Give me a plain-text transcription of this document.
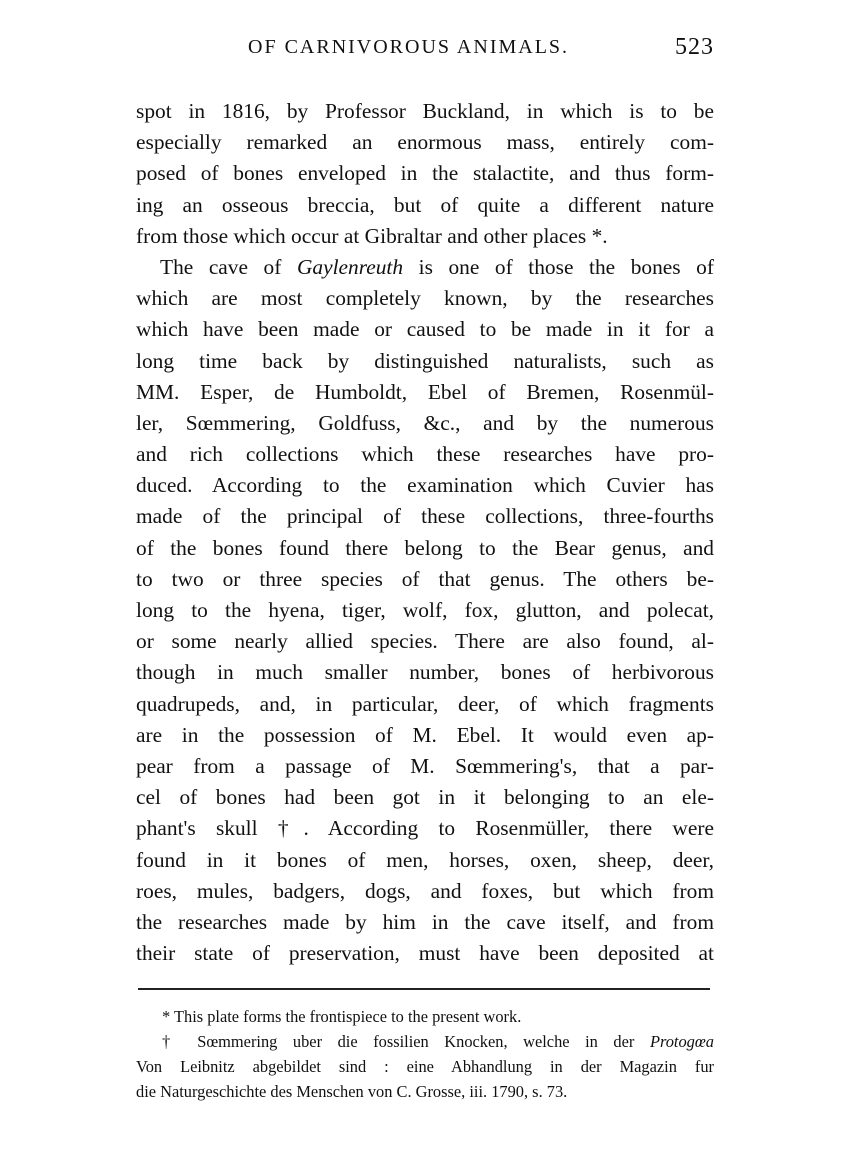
OF CARNIVOROUS ANIMALS.	523
spot in 1816, by Professor Buckland, in which is to be
especially remarked an enormous mass, entirely com-
posed of bones enveloped in the stalactite, and thus form-
ing an osseous breccia, but of quite a different nature
from those which occur at Gibraltar and other places *.
The cave of Gaylenreuth is one of those the bones of
which are most completely known, by the researches
which have been made or caused to be made in it for a
long time back by distinguished naturalists, such as
MM. Esper, de Humboldt, Ebel of Bremen, Rosenmül-
ler, Sœmmering, Goldfuss, &c., and by the numerous
and rich collections which these researches have pro-
duced. According to the examination which Cuvier has
made of the principal of these collections, three-fourths
of the bones found there belong to the Bear genus, and
to two or three species of that genus. The others be-
long to the hyena, tiger, wolf, fox, glutton, and polecat,
or some nearly allied species. There are also found, al-
though in much smaller number, bones of herbivorous
quadrupeds, and, in particular, deer, of which fragments
are in the possession of M. Ebel. It would even ap-
pear from a passage of M. Sœmmering's, that a par-
cel of bones had been got in it belonging to an ele-
phant's skull †. According to Rosenmüller, there were
found in it bones of men, horses, oxen, sheep, deer,
roes, mules, badgers, dogs, and foxes, but which from
the researches made by him in the cave itself, and from
their state of preservation, must have been deposited at
* This plate forms the frontispiece to the present work.
† Sœmmering uber die fossilien Knocken, welche in der Protogœa
Von Leibnitz abgebildet sind : eine Abhandlung in der Magazin fur
die Naturgeschichte des Menschen von C. Grosse, iii. 1790, s. 73.
